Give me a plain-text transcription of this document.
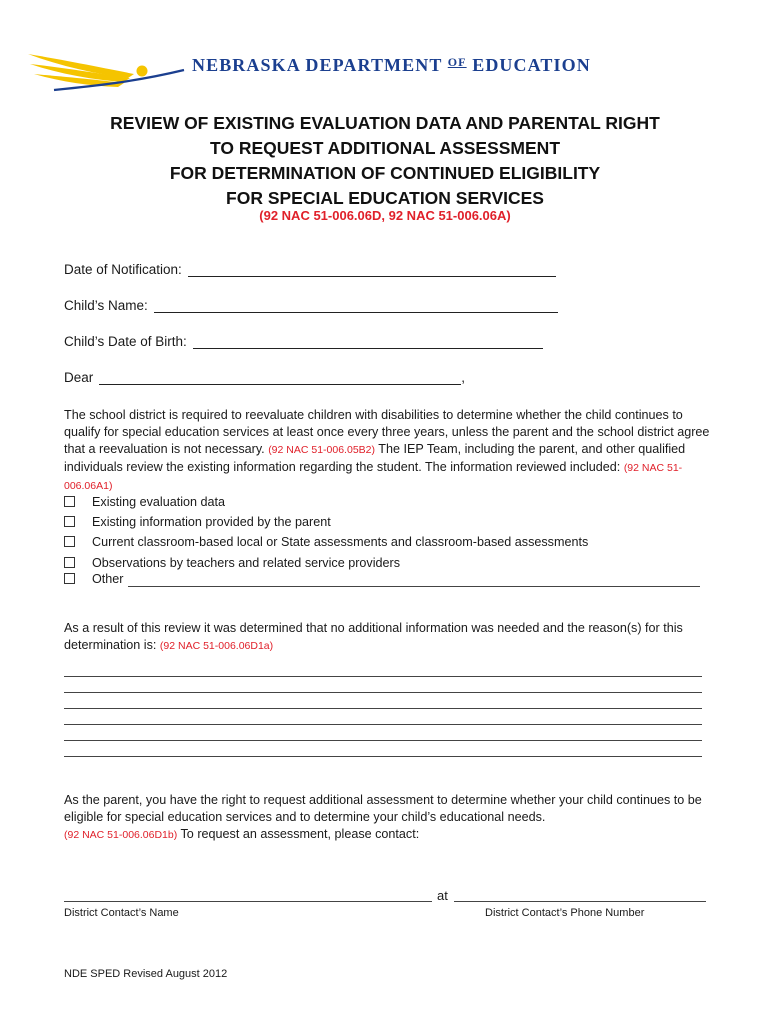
NEBRASKA DEPARTMENT $^{OF}$ EDUCATION
REVIEW OF EXISTING EVALUATION DATA AND PARENTAL RIGHT
TO REQUEST ADDITIONAL ASSESSMENT
FOR DETERMINATION OF CONTINUED ELIGIBILITY
FOR SPECIAL EDUCATION SERVICES
(92 NAC 51-006.06D, 92 NAC 51-006.06A)
Date of Notification:
Child’s Name:
Child’s Date of Birth:
Dear	,
The school district is required to reevaluate children with disabilities to determine whether the child continues to qualify for special education services at least once every three years, unless the parent and the school district agree that a reevaluation is not necessary. (92 NAC 51-006.05B2) The IEP Team, including the parent, and other qualified individuals review the existing information regarding the student. The information reviewed included: (92 NAC 51-006.06A1)
Existing evaluation data
Existing information provided by the parent
Current classroom-based local or State assessments and classroom-based assessments
Observations by teachers and related service providers
Other
As a result of this review it was determined that no additional information was needed and the reason(s) for this determination is: (92 NAC 51-006.06D1a)
As the parent, you have the right to request additional assessment to determine whether your child continues to be eligible for special education services and to determine your child’s educational needs.
(92 NAC 51-006.06D1b) To request an assessment, please contact:
at
District Contact’s Name	District Contact’s Phone Number
NDE SPED Revised August 2012
